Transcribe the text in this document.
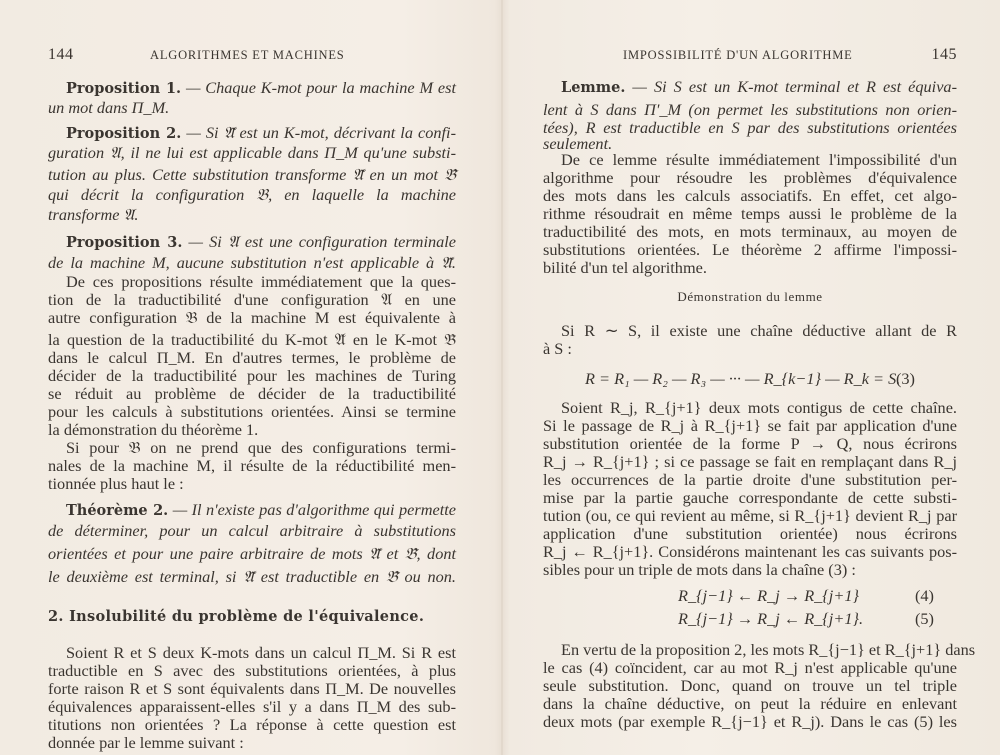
144	ALGORITHMES ET MACHINES
Proposition 1. — Chaque K-mot pour la machine M est
un mot dans Π_M.
Proposition 2. — Si 𝔄̃ est un K-mot, décrivant la confi-
guration 𝔄, il ne lui est applicable dans Π_M qu'une substi-
tution au plus. Cette substitution transforme 𝔄̃ en un mot 𝔅̃
qui décrit la configuration 𝔅, en laquelle la machine
transforme 𝔄.
Proposition 3. — Si 𝔄 est une configuration terminale
de la machine M, aucune substitution n'est applicable à 𝔄̃.
De ces propositions résulte immédiatement que la ques-
tion de la traductibilité d'une configuration 𝔄 en une
autre configuration 𝔅 de la machine M est équivalente à
la question de la traductibilité du K-mot 𝔄̃ en le K-mot 𝔅̃
dans le calcul Π_M. En d'autres termes, le problème de
décider de la traductibilité pour les machines de Turing
se réduit au problème de décider de la traductibilité
pour les calculs à substitutions orientées. Ainsi se termine
la démonstration du théorème 1.
Si pour 𝔅 on ne prend que des configurations termi-
nales de la machine M, il résulte de la réductibilité men-
tionnée plus haut le :
Théorème 2. — Il n'existe pas d'algorithme qui permette
de déterminer, pour un calcul arbitraire à substitutions
orientées et pour une paire arbitraire de mots 𝔄̃ et 𝔅̃, dont
le deuxième est terminal, si 𝔄̃ est traductible en 𝔅̃ ou non.
2. Insolubilité du problème de l'équivalence.
Soient R et S deux K-mots dans un calcul Π_M. Si R est
traductible en S avec des substitutions orientées, à plus
forte raison R et S sont équivalents dans Π_M. De nouvelles
équivalences apparaissent-elles s'il y a dans Π_M des sub-
titutions non orientées ? La réponse à cette question est
donnée par le lemme suivant :
IMPOSSIBILITÉ D'UN ALGORITHME	145
Lemme. — Si S est un K-mot terminal et R est équiva-
lent à S dans Π'_M (on permet les substitutions non orien-
tées), R est traductible en S par des substitutions orientées
seulement.
De ce lemme résulte immédiatement l'impossibilité d'un
algorithme pour résoudre les problèmes d'équivalence
des mots dans les calculs associatifs. En effet, cet algo-
rithme résoudrait en même temps aussi le problème de la
traductibilité des mots, en mots terminaux, au moyen de
substitutions orientées. Le théorème 2 affirme l'impossi-
bilité d'un tel algorithme.
Démonstration du lemme
Si R ∼ S, il existe une chaîne déductive allant de R
à S :
R = R₁ — R₂ — R₃ — ··· — R_{k−1} — R_k = S.
(3)
Soient R_j, R_{j+1} deux mots contigus de cette chaîne.
Si le passage de R_j à R_{j+1} se fait par application d'une
substitution orientée de la forme P → Q, nous écrirons
R_j → R_{j+1} ; si ce passage se fait en remplaçant dans R_j
les occurrences de la partie droite d'une substitution per-
mise par la partie gauche correspondante de cette substi-
tution (ou, ce qui revient au même, si R_{j+1} devient R_j par
application d'une substitution orientée) nous écrirons
R_j ← R_{j+1}. Considérons maintenant les cas suivants pos-
sibles pour un triple de mots dans la chaîne (3) :
R_{j−1} ← R_j → R_{j+1}	(4)
R_{j−1} → R_j ← R_{j+1}.	(5)
En vertu de la proposition 2, les mots R_{j−1} et R_{j+1} dans
le cas (4) coïncident, car au mot R_j n'est applicable qu'une
seule substitution. Donc, quand on trouve un tel triple
dans la chaîne déductive, on peut la réduire en enlevant
deux mots (par exemple R_{j−1} et R_j). Dans le cas (5) les
